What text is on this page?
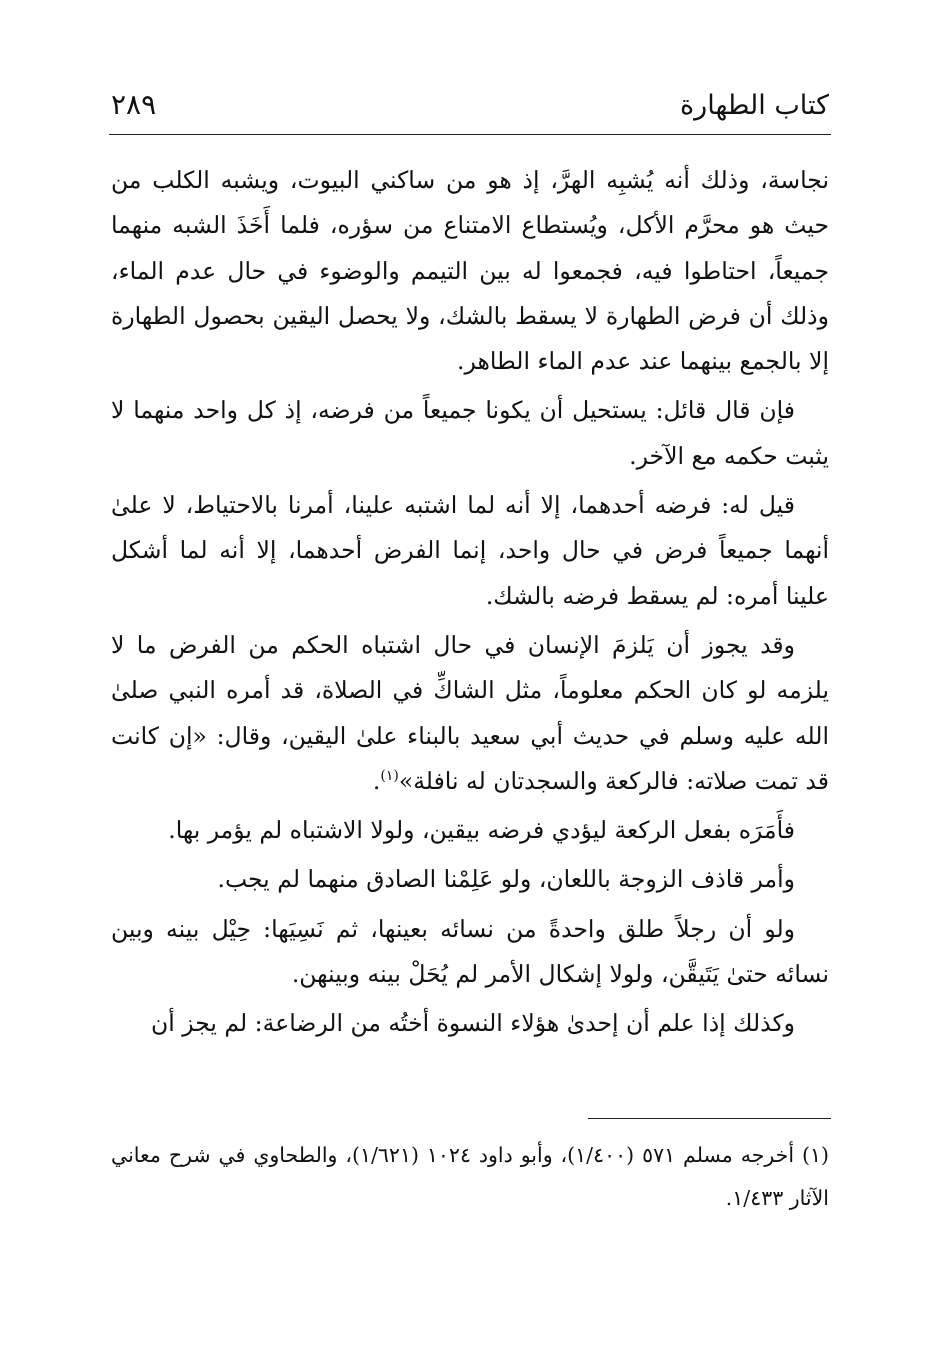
كتاب الطهارة
٢٨٩

نجاسة، وذلك أنه يُشبِه الهرَّ، إذ هو من ساكني البيوت، ويشبه الكلب من حيث هو محرَّم الأكل، ويُستطاع الامتناع من سؤره، فلما أَخَذَ الشبه منهما جميعاً، احتاطوا فيه، فجمعوا له بين التيمم والوضوء في حال عدم الماء، وذلك أن فرض الطهارة لا يسقط بالشك، ولا يحصل اليقين بحصول الطهارة إلا بالجمع بينهما عند عدم الماء الطاهر.

فإن قال قائل: يستحيل أن يكونا جميعاً من فرضه، إذ كل واحد منهما لا يثبت حكمه مع الآخر.

قيل له: فرضه أحدهما، إلا أنه لما اشتبه علينا، أمرنا بالاحتياط، لا علىٰ أنهما جميعاً فرض في حال واحد، إنما الفرض أحدهما، إلا أنه لما أشكل علينا أمره: لم يسقط فرضه بالشك.

وقد يجوز أن يَلزمَ الإنسان في حال اشتباه الحكم من الفرض ما لا يلزمه لو كان الحكم معلوماً، مثل الشاكِّ في الصلاة، قد أمره النبي صلىٰ الله عليه وسلم في حديث أبي سعيد بالبناء علىٰ اليقين، وقال: «إن كانت قد تمت صلاته: فالركعة والسجدتان له نافلة»$^{(١)}$.

فأَمَرَه بفعل الركعة ليؤدي فرضه بيقين، ولولا الاشتباه لم يؤمر بها.

وأمر قاذف الزوجة باللعان، ولو عَلِمْنا الصادق منهما لم يجب.

ولو أن رجلاً طلق واحدةً من نسائه بعينها، ثم نَسِيَها: حِيْل بينه وبين نسائه حتىٰ يَتَيقَّن، ولولا إشكال الأمر لم يُحَلْ بينه وبينهن.

وكذلك إذا علم أن إحدىٰ هؤلاء النسوة أختُه من الرضاعة: لم يجز أن

(١) أخرجه مسلم ٥٧١ (١/٤٠٠)، وأبو داود ١٠٢٤ (١/٦٢١)، والطحاوي في شرح معاني الآثار ١/٤٣٣.
